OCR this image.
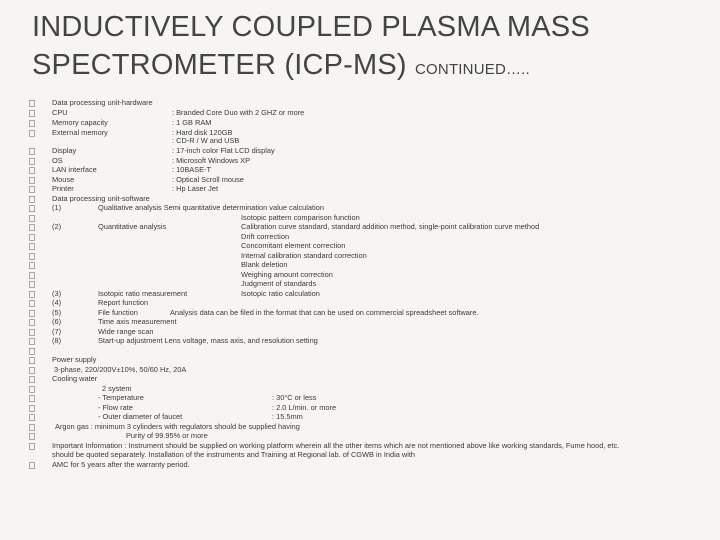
INDUCTIVELY COUPLED PLASMA MASS
SPECTROMETER (ICP-MS) CONTINUED…..
Data processing unit-hardware
CPU	: Branded Core Duo with 2 GHZ or more
Memory capacity	: 1 GB RAM
External memory	: Hard disk 120GB
: CD-R / W and USB
Display	: 17-inch color Flat LCD display
OS	: Microsoft Windows XP
LAN interface	: 10BASE-T
Mouse	: Optical Scroll mouse
Printer	: Hp Laser Jet
Data processing unit-software
(1)	Qualitative analysis Semi quantitative determination value calculation
Isotopic pattern comparison function
(2)	Quantitative analysis	Calibration curve standard, standard addition method, single-point calibration curve method
Drift correction
Concomitant element correction
Internal calibration standard correction
Blank deletion
Weighing amount correction
Judgment of standards
(3)	Isotopic ratio measurement	Isotopic ratio calculation
(4)	Report function
(5)	File function	Analysis data can be filed in the format that can be used on commercial spreadsheet software.
(6)	Time axis measurement
(7)	Wide range scan
(8)	Start-up adjustment Lens voltage, mass axis, and resolution setting
Power supply
3-phase, 220/200V±10%, 50/60 Hz, 20A
Cooling water
2 system
- Temperature	: 30°C or less
- Flow rate	: 2.0 L/min. or more
- Outer diameter of faucet	: 15.5mm
Argon gas : minimum 3 cylinders with regulators should be supplied having
Purity of 99.95% or more
Important Information : Instrument should be supplied on working platform wherein all the other items which are not mentioned above like working standards, Fume hood, etc.
should be quoted separately. Installation of the instruments and Training at Regional lab. of CGWB in India with
AMC for 5 years after the warranty period.
